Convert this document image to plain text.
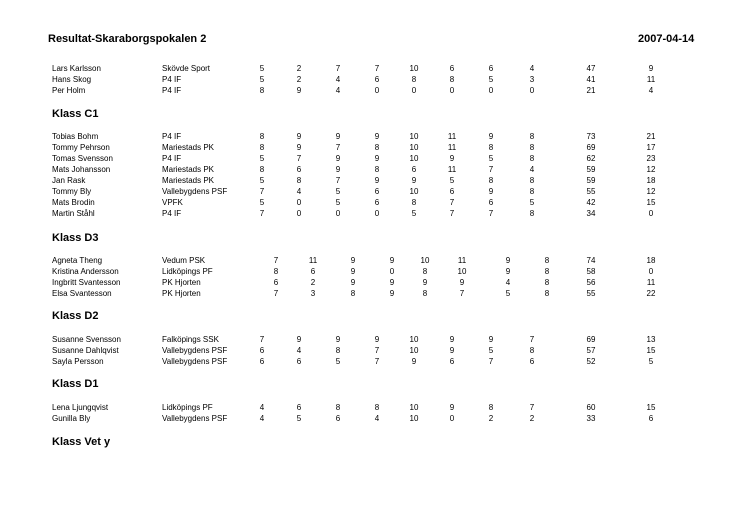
Resultat-Skaraborgspokalen 2	2007-04-14
Lars Karlsson	Skövde Sport	5	2	7	7	10	6	6	4	47	9
Hans Skog	P4 IF	5	2	4	6	8	8	5	3	41	11
Per Holm	P4 IF	8	9	4	0	0	0	0	0	21	4
Klass C1
Tobias Bohm	P4 IF	8	9	9	9	10	11	9	8	73	21
Tommy Pehrson	Mariestads PK	8	9	7	8	10	11	8	8	69	17
Tomas Svensson	P4 IF	5	7	9	9	10	9	5	8	62	23
Mats Johansson	Mariestads PK	8	6	9	8	6	11	7	4	59	12
Jan Rask	Mariestads PK	5	8	7	9	9	5	8	8	59	18
Tommy Bly	Vallebygdens PSF	7	4	5	6	10	6	9	8	55	12
Mats Brodin	VPFK	5	0	5	6	8	7	6	5	42	15
Martin Ståhl	P4 IF	7	0	0	0	5	7	7	8	34	0
Klass D3
Agneta Theng	Vedum PSK	7	11	9	9	10	11	9	8	74	18
Kristina Andersson	Lidköpings PF	8	6	9	0	8	10	9	8	58	0
Ingbritt Svantesson	PK Hjorten	6	2	9	9	9	9	4	8	56	11
Elsa Svantesson	PK Hjorten	7	3	8	9	8	7	5	8	55	22
Klass D2
Susanne Svensson	Falköpings SSK	7	9	9	9	10	9	9	7	69	13
Susanne Dahlqvist	Vallebygdens PSF	6	4	8	7	10	9	5	8	57	15
Sayla Persson	Vallebygdens PSF	6	6	5	7	9	6	7	6	52	5
Klass D1
Lena Ljungqvist	Lidköpings PF	4	6	8	8	10	9	8	7	60	15
Gunilla Bly	Vallebygdens PSF	4	5	6	4	10	0	2	2	33	6
Klass Vet y
